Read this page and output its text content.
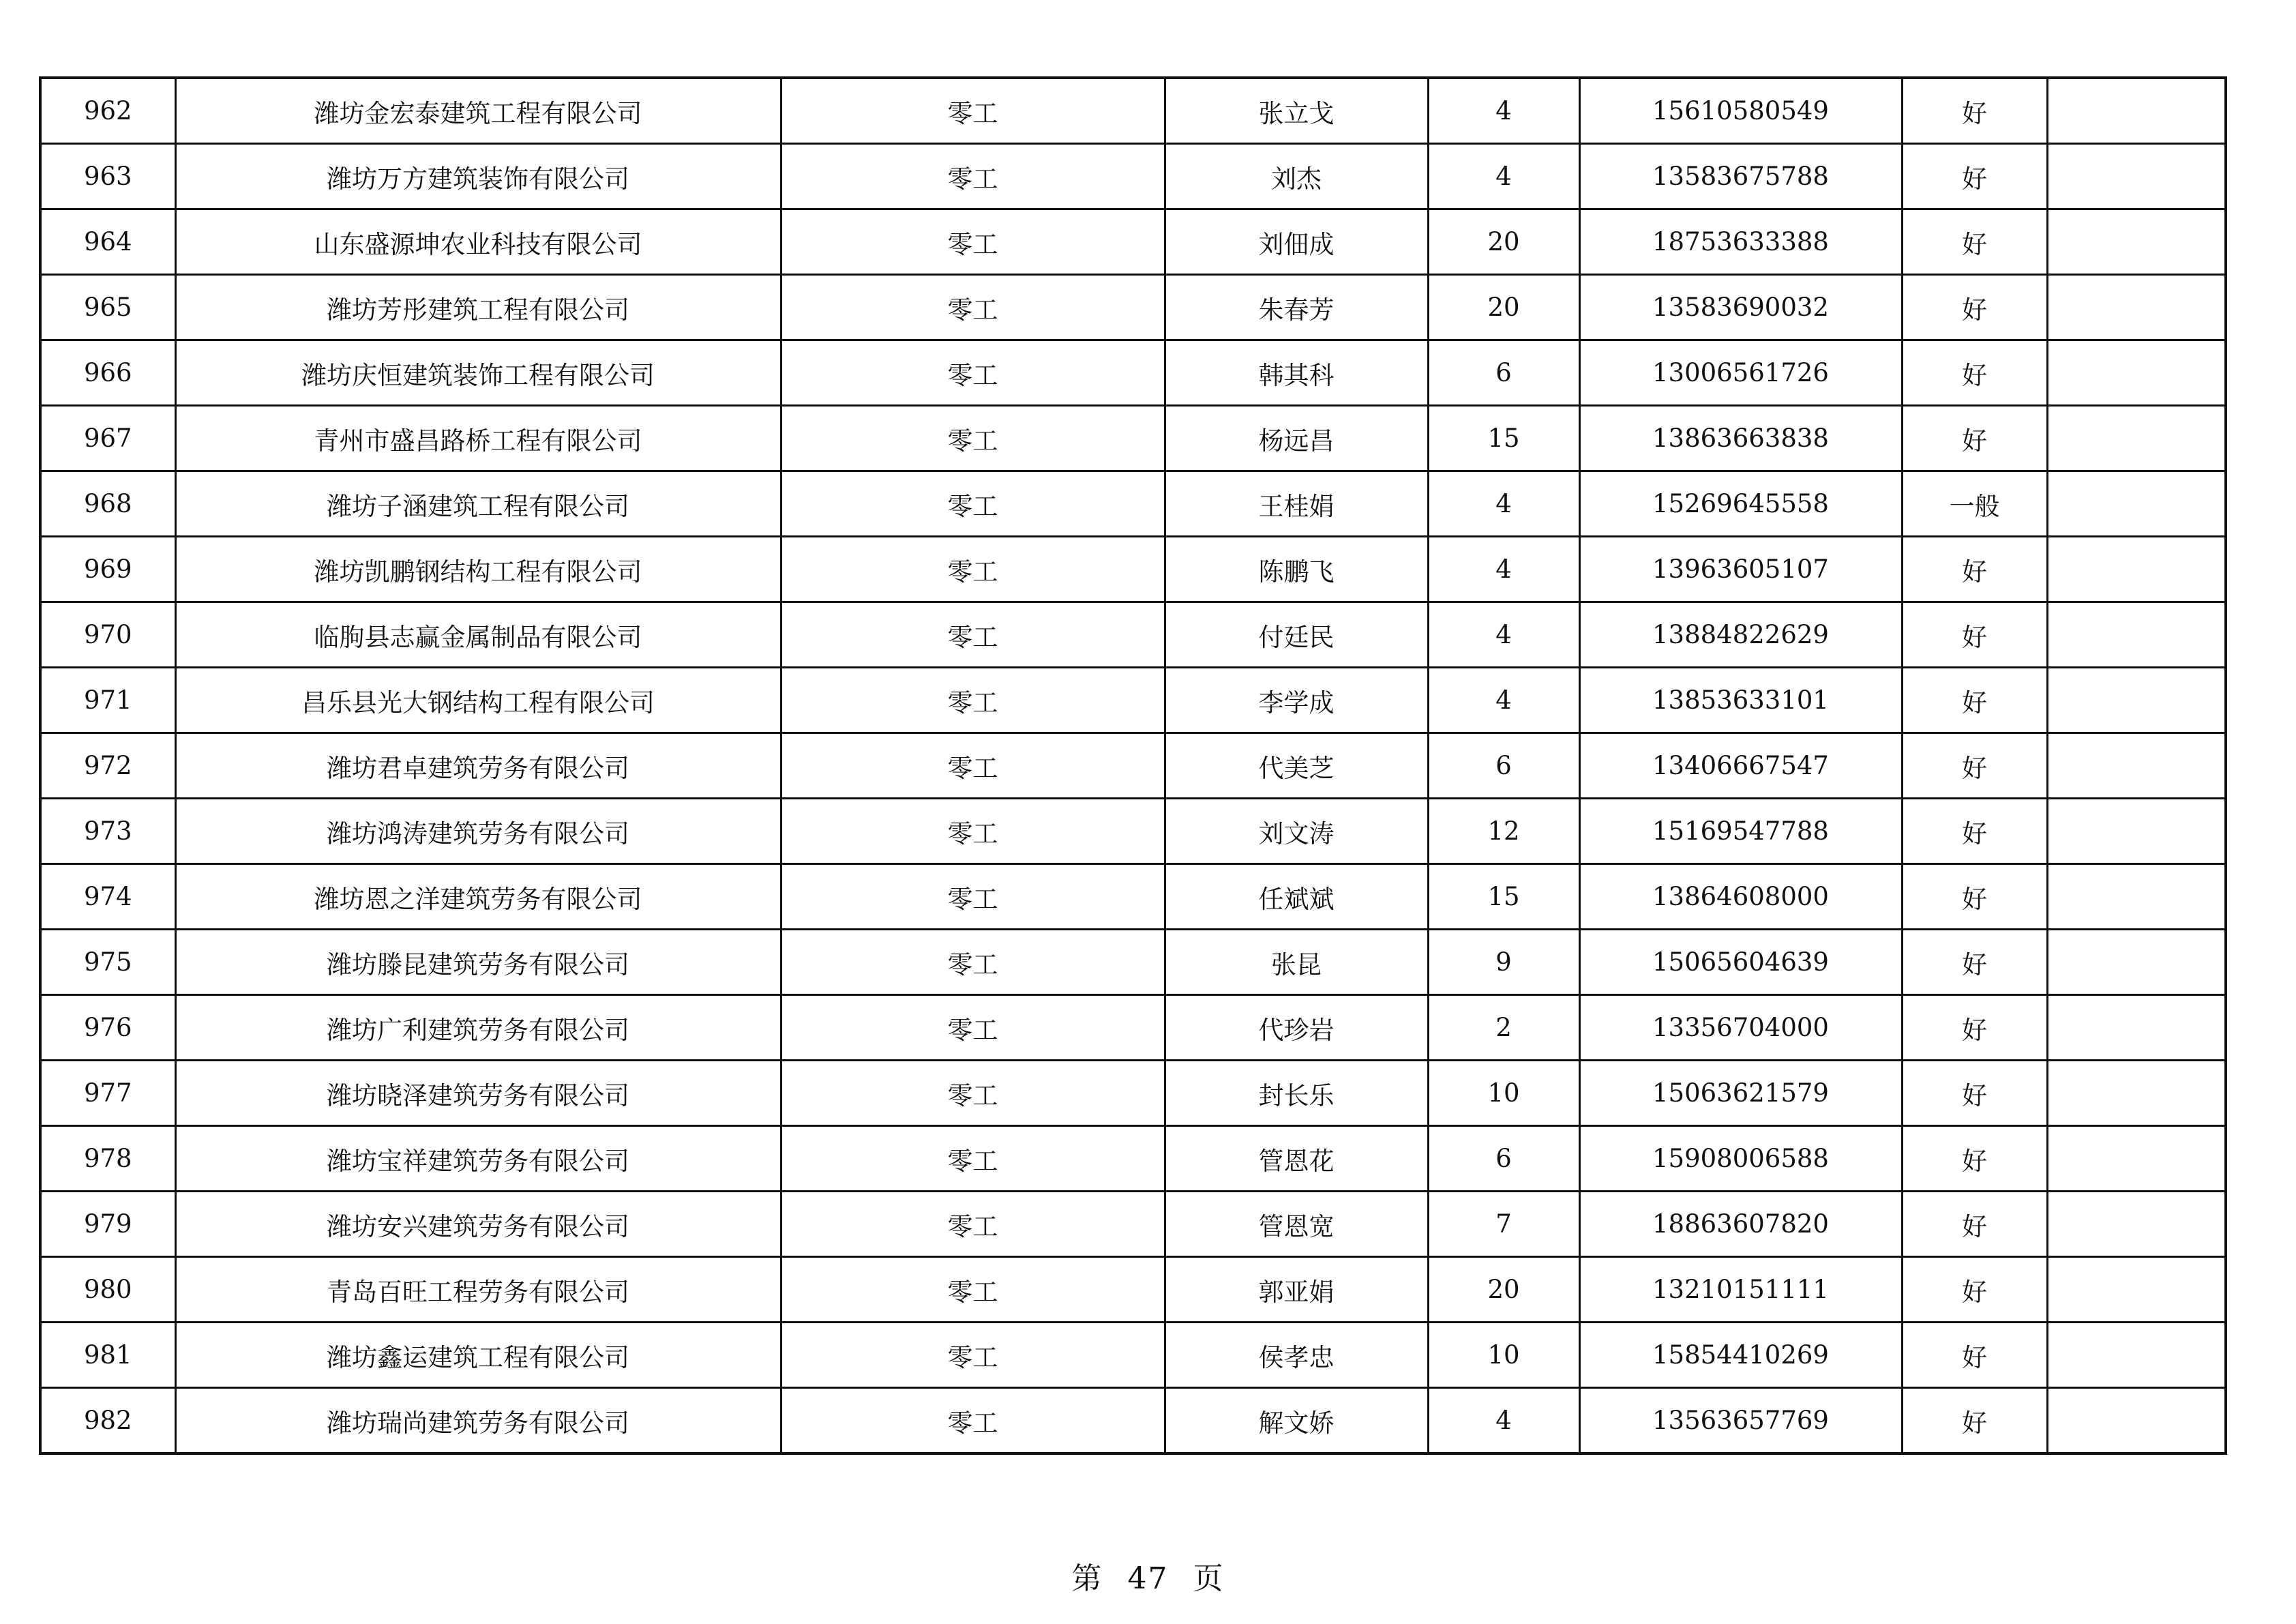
962	潍坊金宏泰建筑工程有限公司	零工	张立戈	4	15610580549	好	
963	潍坊万方建筑装饰有限公司	零工	刘杰	4	13583675788	好	
964	山东盛源坤农业科技有限公司	零工	刘佃成	20	18753633388	好	
965	潍坊芳彤建筑工程有限公司	零工	朱春芳	20	13583690032	好	
966	潍坊庆恒建筑装饰工程有限公司	零工	韩其科	6	13006561726	好	
967	青州市盛昌路桥工程有限公司	零工	杨远昌	15	13863663838	好	
968	潍坊子涵建筑工程有限公司	零工	王桂娟	4	15269645558	一般	
969	潍坊凯鹏钢结构工程有限公司	零工	陈鹏飞	4	13963605107	好	
970	临朐县志赢金属制品有限公司	零工	付廷民	4	13884822629	好	
971	昌乐县光大钢结构工程有限公司	零工	李学成	4	13853633101	好	
972	潍坊君卓建筑劳务有限公司	零工	代美芝	6	13406667547	好	
973	潍坊鸿涛建筑劳务有限公司	零工	刘文涛	12	15169547788	好	
974	潍坊恩之洋建筑劳务有限公司	零工	任斌斌	15	13864608000	好	
975	潍坊滕昆建筑劳务有限公司	零工	张昆	9	15065604639	好	
976	潍坊广利建筑劳务有限公司	零工	代珍岩	2	13356704000	好	
977	潍坊晓泽建筑劳务有限公司	零工	封长乐	10	15063621579	好	
978	潍坊宝祥建筑劳务有限公司	零工	管恩花	6	15908006588	好	
979	潍坊安兴建筑劳务有限公司	零工	管恩宽	7	18863607820	好	
980	青岛百旺工程劳务有限公司	零工	郭亚娟	20	13210151111	好	
981	潍坊鑫运建筑工程有限公司	零工	侯孝忠	10	15854410269	好	
982	潍坊瑞尚建筑劳务有限公司	零工	解文娇	4	13563657769	好	
第 47 页
